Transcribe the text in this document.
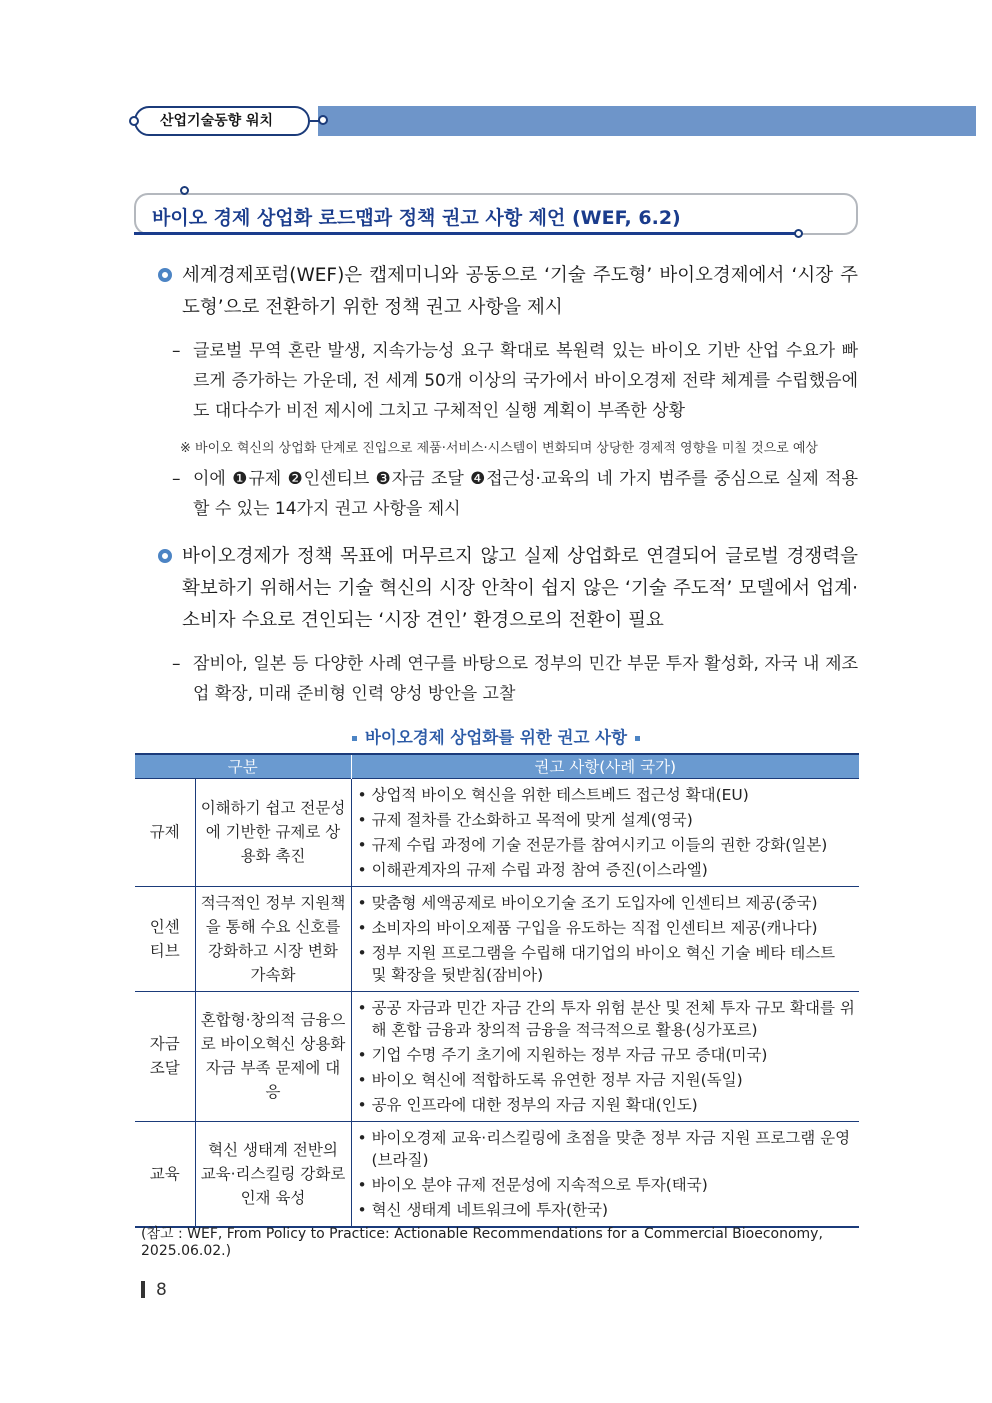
산업기술동향 워치
바이오 경제 상업화 로드맵과 정책 권고 사항 제언 (WEF, 6.2)
세계경제포럼(WEF)은 캡제미니와 공동으로 ‘기술 주도형’ 바이오경제에서 ‘시장 주도형’으로 전환하기 위한 정책 권고 사항을 제시
– 글로벌 무역 혼란 발생, 지속가능성 요구 확대로 복원력 있는 바이오 기반 산업 수요가 빠르게 증가하는 가운데, 전 세계 50개 이상의 국가에서 바이오경제 전략 체계를 수립했음에도 대다수가 비전 제시에 그치고 구체적인 실행 계획이 부족한 상황
※ 바이오 혁신의 상업화 단계로 진입으로 제품·서비스·시스템이 변화되며 상당한 경제적 영향을 미칠 것으로 예상
– 이에 ❶규제 ❷인센티브 ❸자금 조달 ❹접근성·교육의 네 가지 범주를 중심으로 실제 적용할 수 있는 14가지 권고 사항을 제시
바이오경제가 정책 목표에 머무르지 않고 실제 상업화로 연결되어 글로벌 경쟁력을 확보하기 위해서는 기술 혁신의 시장 안착이 쉽지 않은 ‘기술 주도적’ 모델에서 업계·소비자 수요로 견인되는 ‘시장 견인’ 환경으로의 전환이 필요
– 잠비아, 일본 등 다양한 사례 연구를 바탕으로 정부의 민간 부문 투자 활성화, 자국 내 제조업 확장, 미래 준비형 인력 양성 방안을 고찰
바이오경제 상업화를 위한 권고 사항
구분		권고 사항(사례 국가)
규제	이해하기 쉽고 전문성에 기반한 규제로 상용화 촉진	• 상업적 바이오 혁신을 위한 테스트베드 접근성 확대(EU)
• 규제 절차를 간소화하고 목적에 맞게 설계(영국)
• 규제 수립 과정에 기술 전문가를 참여시키고 이들의 권한 강화(일본)
• 이해관계자의 규제 수립 과정 참여 증진(이스라엘)

인센티브	적극적인 정부 지원책을 통해 수요 신호를 강화하고 시장 변화 가속화	• 맞춤형 세액공제로 바이오기술 조기 도입자에 인센티브 제공(중국)
• 소비자의 바이오제품 구입을 유도하는 직접 인센티브 제공(캐나다)
• 정부 지원 프로그램을 수립해 대기업의 바이오 혁신 기술 베타 테스트 및 확장을 뒷받침(잠비아)

자금 조달	혼합형·창의적 금융으로 바이오혁신 상용화 자금 부족 문제에 대응	• 공공 자금과 민간 자금 간의 투자 위험 분산 및 전체 투자 규모 확대를 위해 혼합 금융과 창의적 금융을 적극적으로 활용(싱가포르)
• 기업 수명 주기 초기에 지원하는 정부 자금 규모 증대(미국)
• 바이오 혁신에 적합하도록 유연한 정부 자금 지원(독일)
• 공유 인프라에 대한 정부의 자금 지원 확대(인도)

교육	혁신 생태계 전반의 교육·리스킬링 강화로 인재 육성	• 바이오경제 교육·리스킬링에 초점을 맞춘 정부 자금 지원 프로그램 운영(브라질)
• 바이오 분야 규제 전문성에 지속적으로 투자(태국)
• 혁신 생태계 네트워크에 투자(한국)
(참고 : WEF, From Policy to Practice: Actionable Recommendations for a Commercial Bioeconomy, 2025.06.02.)
8
